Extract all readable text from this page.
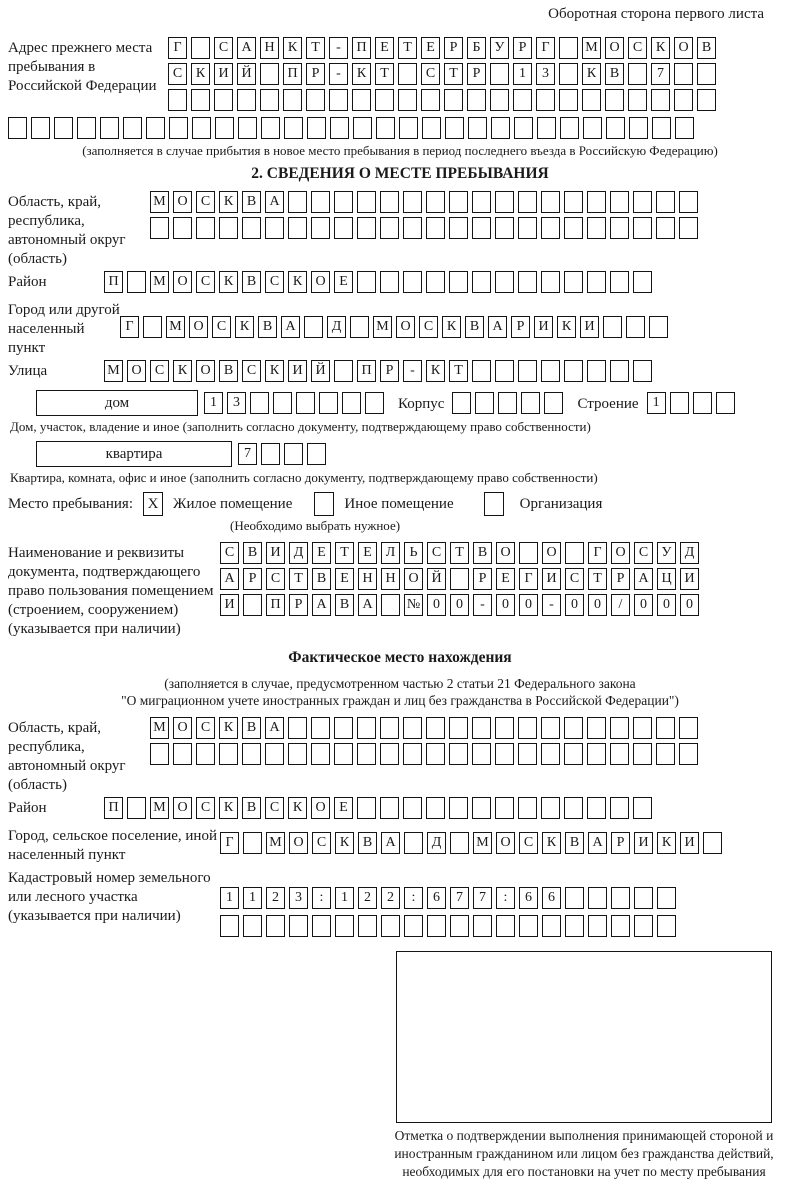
Оборотная сторона первого листа
Адрес прежнего места пребывания в Российской Федерации
Г	С А Н К	Т	-	П Е	Т	Е	Р	Б	У	Р	Г	М О С К О В
С К И Й	П	Р	-	К	Т	С	Т	Р	1	3	К В	7
(заполняется в случае прибытия в новое место пребывания в период последнего въезда в Российскую Федерацию)
2. СВЕДЕНИЯ О МЕСТЕ ПРЕБЫВАНИЯ
Область, край, республика, автономный округ (область)
М О С К В А
Район	П	М О С К В С К О Е
Город или другой населенный пункт
Г	М О С К В А	Д	М О С К В А	Р	И К И
Улица	М О С К О В С К И Й	П	Р	-	К	Т
дом	1	3	Корпус	Строение	1
Дом, участок, владение и иное (заполнить согласно документу, подтверждающему право собственности)
квартира	7
Квартира, комната, офис и иное (заполнить согласно документу, подтверждающему право собственности)
Место пребывания: X Жилое помещение	Иное помещение	Организация
(Необходимо выбрать нужное)
Наименование и реквизиты документа, подтверждающего право пользования помещением (строением, сооружением) (указывается при наличии)
С В И Д Е	Т	Е Л	Ь	С	Т	В О	О	Г О С У Д
А	Р	С	Т	В	Е Н Н О Й	Р	Е	Г И С	Т	Р	А Ц И
И	П	Р	А В А	№ 0	0	-	0	0	-	0	0	/	0	0	0
Фактическое место нахождения
(заполняется в случае, предусмотренном частью 2 статьи 21 Федерального закона
"О миграционном учете иностранных граждан и лиц без гражданства в Российской Федерации")
Область, край, республика, автономный округ (область)
М О С К В А
Район	П	М О С К В С К О Е
Город, сельское поселение, иной населенный пункт
Г	М О С К В А	Д	М О С К В А	Р	И К И
Кадастровый номер земельного или лесного участка (указывается при наличии)
1	1	2	3	:	1	2	2	:	6	7	7	:	6	6
Отметка о подтверждении выполнения принимающей стороной и иностранным гражданином или лицом без гражданства действий, необходимых для его постановки на учет по месту пребывания
